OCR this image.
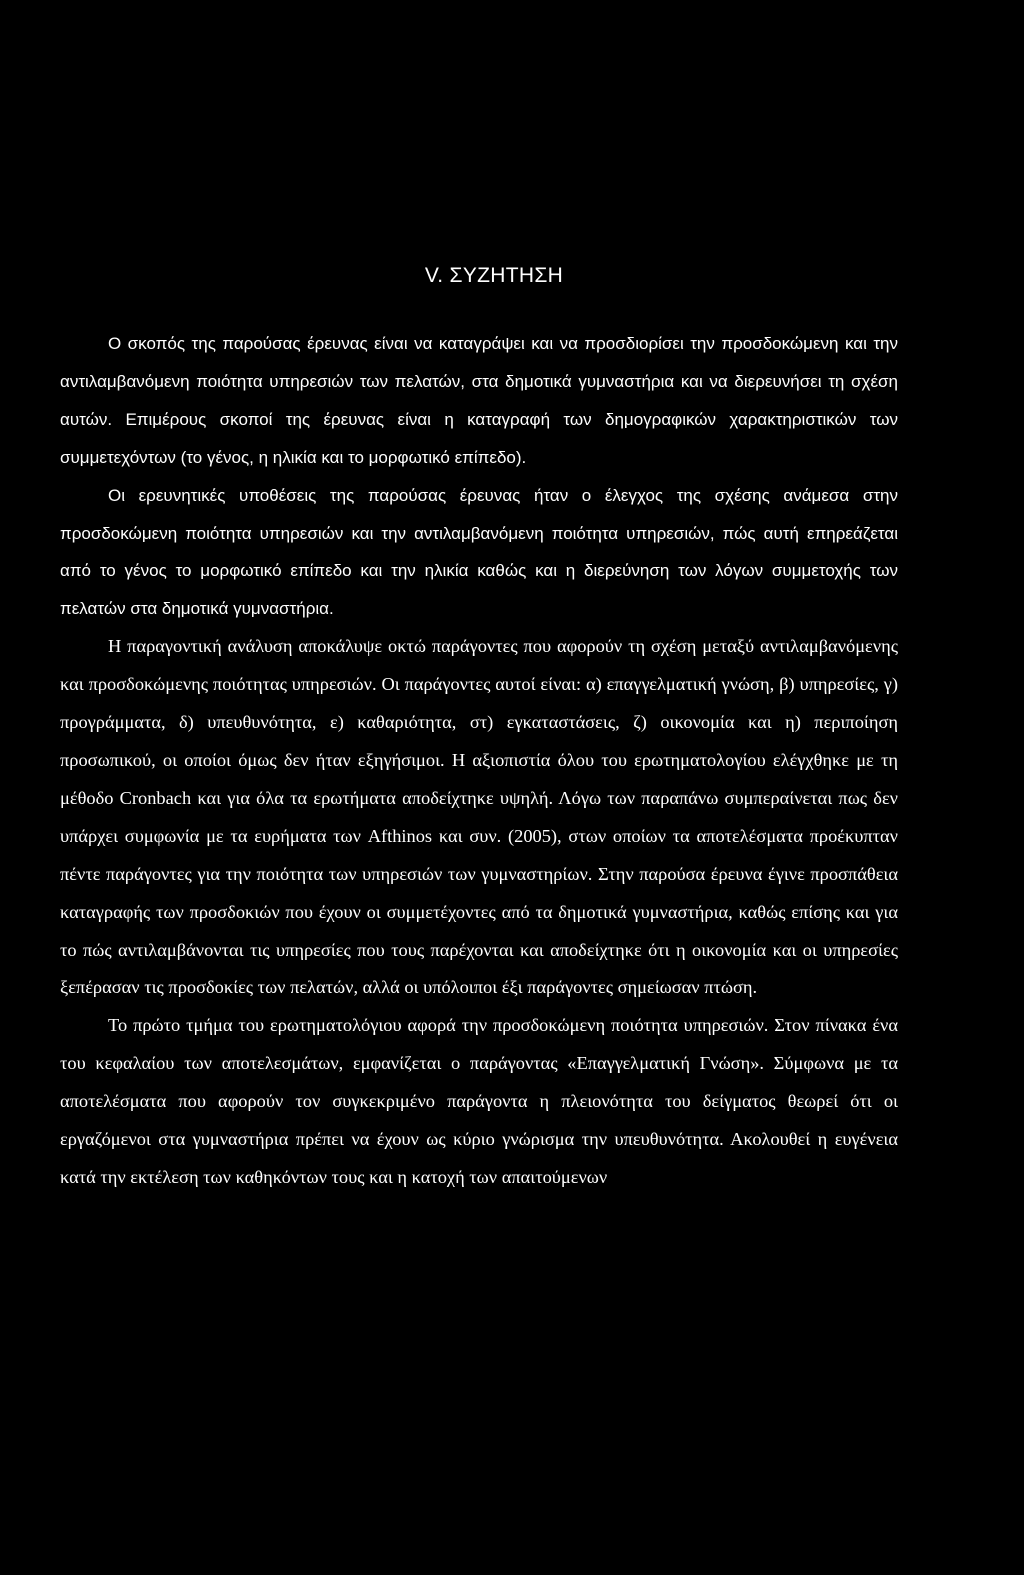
V. ΣΥΖΗΤΗΣΗ

Ο σκοπός της παρούσας έρευνας είναι να καταγράψει και να προσδιορίσει την προσδοκώμενη και την αντιλαμβανόμενη ποιότητα υπηρεσιών των πελατών, στα δημοτικά γυμναστήρια και να διερευνήσει τη σχέση αυτών. Επιμέρους σκοποί της έρευνας είναι η καταγραφή των δημογραφικών χαρακτηριστικών των συμμετεχόντων (το γένος, η ηλικία και το μορφωτικό επίπεδο).

Οι ερευνητικές υποθέσεις της παρούσας έρευνας ήταν ο έλεγχος της σχέσης ανάμεσα στην προσδοκώμενη ποιότητα υπηρεσιών και την αντιλαμβανόμενη ποιότητα υπηρεσιών, πώς αυτή επηρεάζεται από το γένος το μορφωτικό επίπεδο και την ηλικία καθώς και η διερεύνηση των λόγων συμμετοχής των πελατών στα δημοτικά γυμναστήρια.

Η παραγοντική ανάλυση αποκάλυψε οκτώ παράγοντες που αφορούν τη σχέση μεταξύ αντιλαμβανόμενης και προσδοκώμενης ποιότητας υπηρεσιών. Οι παράγοντες αυτοί είναι: α) επαγγελματική γνώση, β) υπηρεσίες, γ) προγράμματα, δ) υπευθυνότητα, ε) καθαριότητα, στ) εγκαταστάσεις, ζ) οικονομία και η) περιποίηση προσωπικού, οι οποίοι όμως δεν ήταν εξηγήσιμοι. Η αξιοπιστία όλου του ερωτηματολογίου ελέγχθηκε με τη μέθοδο Cronbach και για όλα τα ερωτήματα αποδείχτηκε υψηλή. Λόγω των παραπάνω συμπεραίνεται πως δεν υπάρχει συμφωνία με τα ευρήματα των Afthinos και συν. (2005), στων οποίων τα αποτελέσματα προέκυπταν πέντε παράγοντες για την ποιότητα των υπηρεσιών των γυμναστηρίων. Στην παρούσα έρευνα έγινε προσπάθεια καταγραφής των προσδοκιών που έχουν οι συμμετέχοντες από τα δημοτικά γυμναστήρια, καθώς επίσης και για το πώς αντιλαμβάνονται τις υπηρεσίες που τους παρέχονται και αποδείχτηκε ότι η οικονομία και οι υπηρεσίες ξεπέρασαν τις προσδοκίες των πελατών, αλλά οι υπόλοιποι έξι παράγοντες σημείωσαν πτώση.

Το πρώτο τμήμα του ερωτηματολόγιου αφορά την προσδοκώμενη ποιότητα υπηρεσιών. Στον πίνακα ένα του κεφαλαίου των αποτελεσμάτων, εμφανίζεται ο παράγοντας «Επαγγελματική Γνώση». Σύμφωνα με τα αποτελέσματα που αφορούν τον συγκεκριμένο παράγοντα η πλειονότητα του δείγματος θεωρεί ότι οι εργαζόμενοι στα γυμναστήρια πρέπει να έχουν ως κύριο γνώρισμα την υπευθυνότητα. Ακολουθεί η ευγένεια κατά την εκτέλεση των καθηκόντων τους και η κατοχή των απαιτούμενων
